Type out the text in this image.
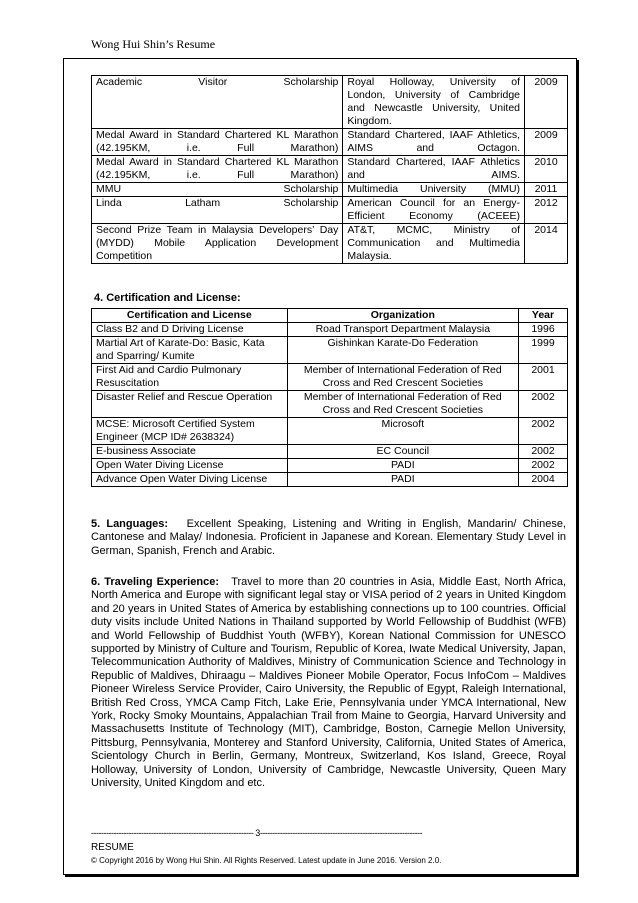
Wong Hui Shin’s Resume
Academic Visitor Scholarship	Royal Holloway, University of London, University of Cambridge and Newcastle University, United Kingdom.	2009
Medal Award in Standard Chartered KL Marathon (42.195KM, i.e. Full Marathon)	Standard Chartered, IAAF Athletics, AIMS and Octagon.	2009
Medal Award in Standard Chartered KL Marathon (42.195KM, i.e. Full Marathon)	Standard Chartered, IAAF Athletics and AIMS.	2010
MMU Scholarship	Multimedia University (MMU)	2011
Linda Latham Scholarship	American Council for an Energy-Efficient Economy (ACEEE)	2012
Second Prize Team in Malaysia Developers’ Day (MYDD) Mobile Application Development Competition	AT&T, MCMC, Ministry of Communication and Multimedia Malaysia.	2014
4. Certification and License:
Certification and License	Organization	Year
Class B2 and D Driving License	Road Transport Department Malaysia	1996
Martial Art of Karate-Do: Basic, Kata and Sparring/ Kumite	Gishinkan Karate-Do Federation	1999
First Aid and Cardio Pulmonary Resuscitation	Member of International Federation of Red Cross and Red Crescent Societies	2001
Disaster Relief and Rescue Operation	Member of International Federation of Red Cross and Red Crescent Societies	2002
MCSE: Microsoft Certified System Engineer (MCP ID# 2638324)	Microsoft	2002
E-business Associate	EC Council	2002
Open Water Diving License	PADI	2002
Advance Open Water Diving License	PADI	2004
5. Languages: Excellent Speaking, Listening and Writing in English, Mandarin/ Chinese, Cantonese and Malay/ Indonesia. Proficient in Japanese and Korean. Elementary Study Level in German, Spanish, French and Arabic.
6. Traveling Experience: Travel to more than 20 countries in Asia, Middle East, North Africa, North America and Europe with significant legal stay or VISA period of 2 years in United Kingdom and 20 years in United States of America by establishing connections up to 100 countries. Official duty visits include United Nations in Thailand supported by World Fellowship of Buddhist (WFB) and World Fellowship of Buddhist Youth (WFBY), Korean National Commission for UNESCO supported by Ministry of Culture and Tourism, Republic of Korea, Iwate Medical University, Japan, Telecommunication Authority of Maldives, Ministry of Communication Science and Technology in Republic of Maldives, Dhiraagu – Maldives Pioneer Mobile Operator, Focus InfoCom – Maldives Pioneer Wireless Service Provider, Cairo University, the Republic of Egypt, Raleigh International, British Red Cross, YMCA Camp Fitch, Lake Erie, Pennsylvania under YMCA International, New York, Rocky Smoky Mountains, Appalachian Trail from Maine to Georgia, Harvard University and Massachusetts Institute of Technology (MIT), Cambridge, Boston, Carnegie Mellon University, Pittsburg, Pennsylvania, Monterey and Stanford University, California, United States of America, Scientology Church in Berlin, Germany, Montreux, Switzerland, Kos Island, Greece, Royal Holloway, University of London, University of Cambridge, Newcastle University, Queen Mary University, United Kingdom and etc.
----------------------------------------------------------------- 3-----------------------------------------------------------------
RESUME
© Copyright 2016 by Wong Hui Shin. All Rights Reserved. Latest update in June 2016. Version 2.0.
